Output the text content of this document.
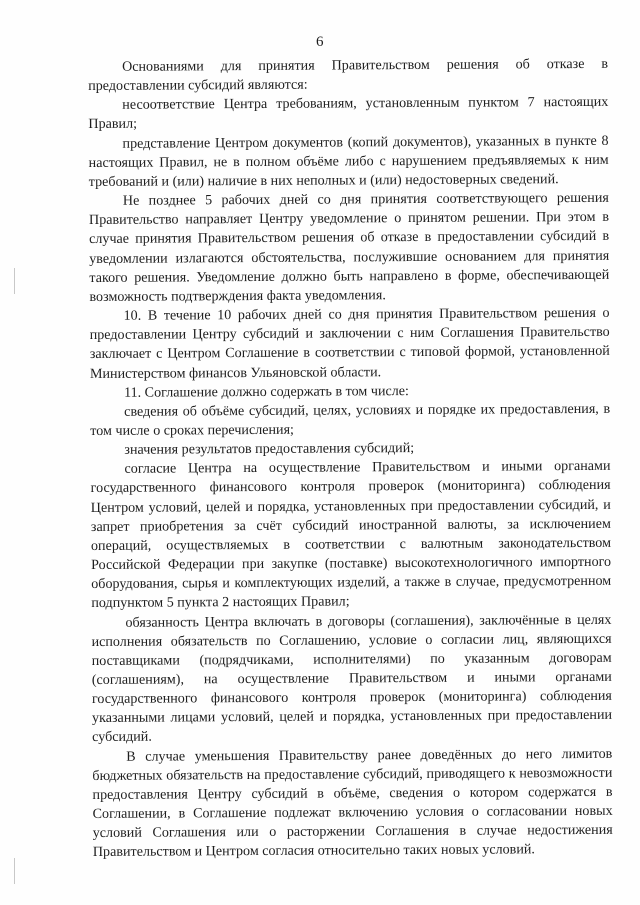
6

Основаниями для принятия Правительством решения об отказе в предоставлении субсидий являются:

несоответствие Центра требованиям, установленным пунктом 7 настоящих Правил;

представление Центром документов (копий документов), указанных в пункте 8 настоящих Правил, не в полном объёме либо с нарушением предъявляемых к ним требований и (или) наличие в них неполных и (или) недостоверных сведений.

Не позднее 5 рабочих дней со дня принятия соответствующего решения Правительство направляет Центру уведомление о принятом решении. При этом в случае принятия Правительством решения об отказе в предоставлении субсидий в уведомлении излагаются обстоятельства, послужившие основанием для принятия такого решения. Уведомление должно быть направлено в форме, обеспечивающей возможность подтверждения факта уведомления.

10. В течение 10 рабочих дней со дня принятия Правительством решения о предоставлении Центру субсидий и заключении с ним Соглашения Правительство заключает с Центром Соглашение в соответствии с типовой формой, установленной Министерством финансов Ульяновской области.

11. Соглашение должно содержать в том числе:

сведения об объёме субсидий, целях, условиях и порядке их предоставления, в том числе о сроках перечисления;

значения результатов предоставления субсидий;

согласие Центра на осуществление Правительством и иными органами государственного финансового контроля проверок (мониторинга) соблюдения Центром условий, целей и порядка, установленных при предоставлении субсидий, и запрет приобретения за счёт субсидий иностранной валюты, за исключением операций, осуществляемых в соответствии с валютным законодательством Российской Федерации при закупке (поставке) высокотехнологичного импортного оборудования, сырья и комплектующих изделий, а также в случае, предусмотренном подпунктом 5 пункта 2 настоящих Правил;

обязанность Центра включать в договоры (соглашения), заключённые в целях исполнения обязательств по Соглашению, условие о согласии лиц, являющихся поставщиками (подрядчиками, исполнителями) по указанным договорам (соглашениям), на осуществление Правительством и иными органами государственного финансового контроля проверок (мониторинга) соблюдения указанными лицами условий, целей и порядка, установленных при предоставлении субсидий.

В случае уменьшения Правительству ранее доведённых до него лимитов бюджетных обязательств на предоставление субсидий, приводящего к невозможности предоставления Центру субсидий в объёме, сведения о котором содержатся в Соглашении, в Соглашение подлежат включению условия о согласовании новых условий Соглашения или о расторжении Соглашения в случае недостижения Правительством и Центром согласия относительно таких новых условий.
